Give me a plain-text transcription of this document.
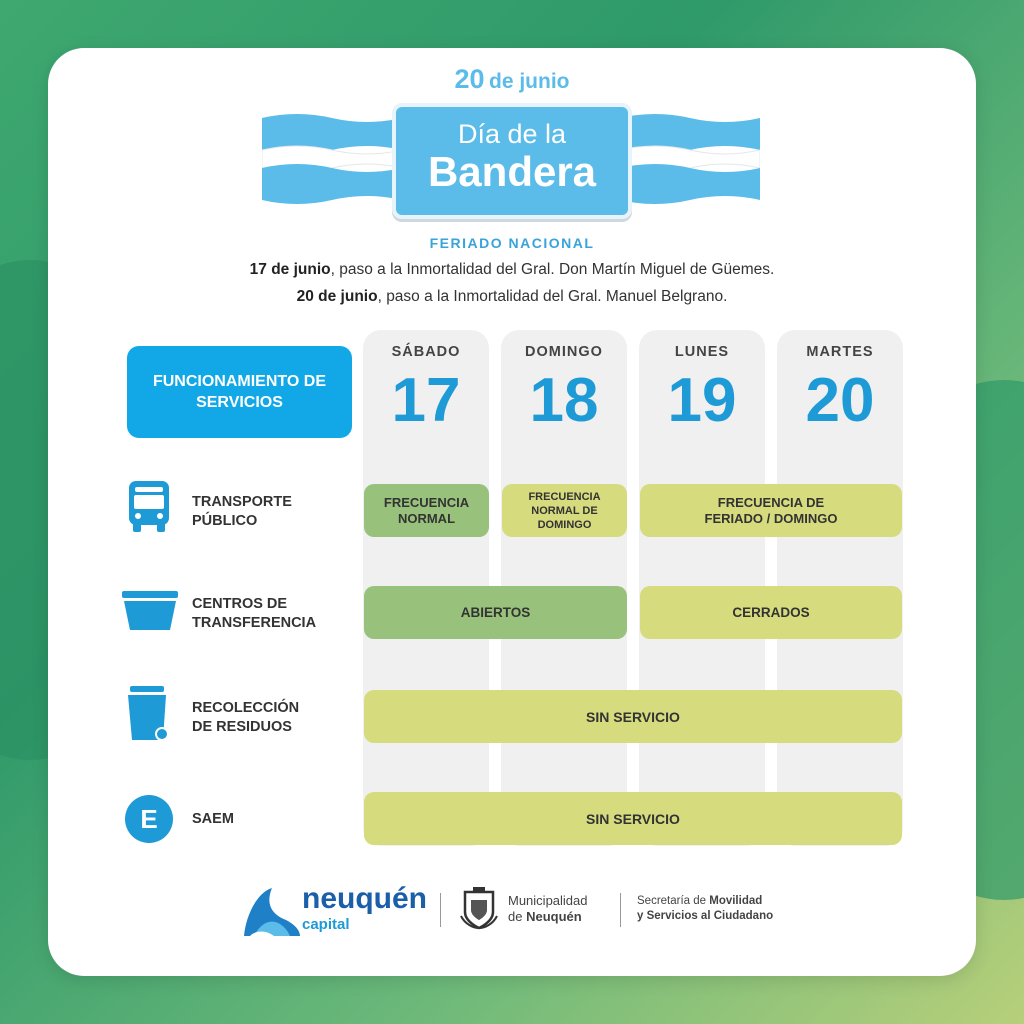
20 de junio
Día de la
Bandera
FERIADO NACIONAL
17 de junio, paso a la Inmortalidad del Gral. Don Martín Miguel de Güemes.
20 de junio, paso a la Inmortalidad del Gral. Manuel Belgrano.
SÁBADO
17
DOMINGO
18
LUNES
19
MARTES
20
FUNCIONAMIENTO DE SERVICIOS
TRANSPORTE
PÚBLICO
CENTROS DE
TRANSFERENCIA
RECOLECCIÓN
DE RESIDUOS
E SAEM
FRECUENCIA
NORMAL
FRECUENCIA
NORMAL DE
DOMINGO
FRECUENCIA DE
FERIADO / DOMINGO
ABIERTOS	CERRADOS
SIN SERVICIO
SIN SERVICIO
neuquén
capital
Municipalidad
de Neuquén
Secretaría de Movilidad
y Servicios al Ciudadano
